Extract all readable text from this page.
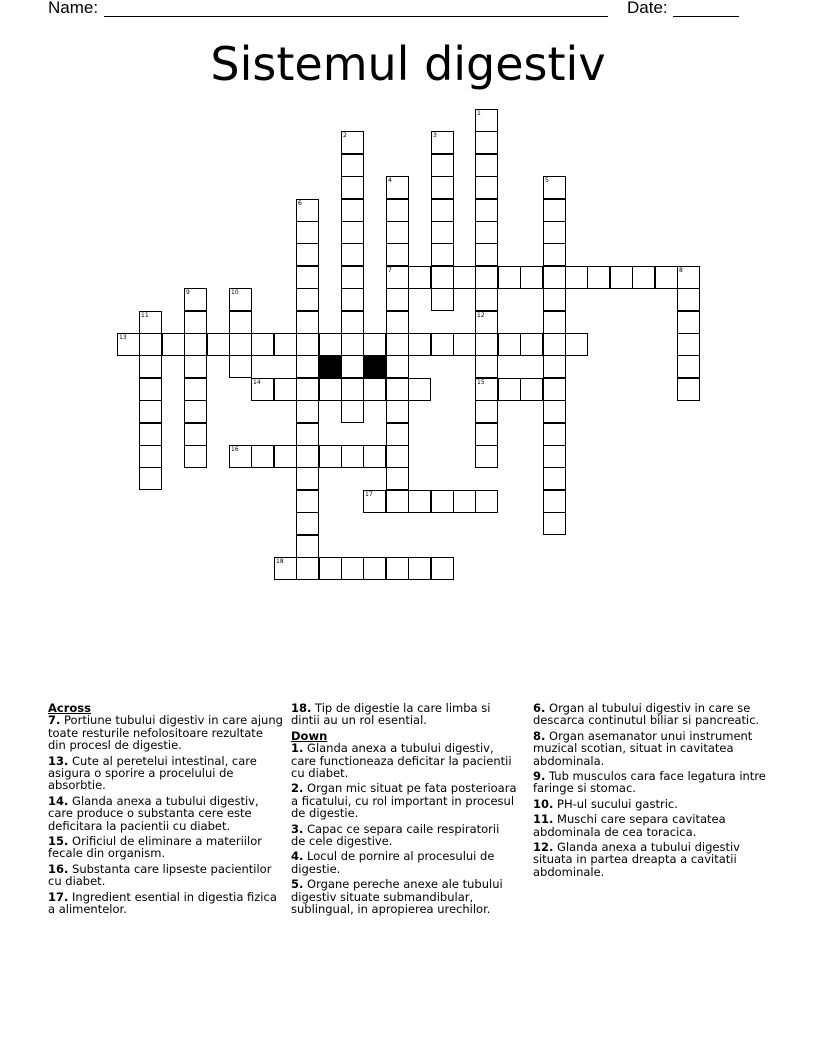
Name:	Date:
Sistemul digestiv
7	8
13
14	15
16
17
18
1
12
2	3
4	5
6
9	10
11
Across
7. Portiune tubului digestiv in care ajung toate resturile nefolositoare rezultate din procesl de digestie.
13. Cute al peretelui intestinal, care asigura o sporire a procelului de absorbtie.
14. Glanda anexa a tubului digestiv, care produce o substanta cere este deficitara la pacientii cu diabet.
15. Orificiul de eliminare a materiilor fecale din organism.
16. Substanta care lipseste pacientilor cu diabet.
17. Ingredient esential in digestia fizica a alimentelor.
18. Tip de digestie la care limba si dintii au un rol esential.
Down
1. Glanda anexa a tubului digestiv, care functioneaza deficitar la pacientii cu diabet.
2. Organ mic situat pe fata posterioara a ficatului, cu rol important in procesul de digestie.
3. Capac ce separa caile respiratorii de cele digestive.
4. Locul de pornire al procesului de digestie.
5. Organe pereche anexe ale tubului digestiv situate submandibular, sublingual, in apropierea urechilor.
6. Organ al tubului digestiv in care se descarca continutul biliar si pancreatic.
8. Organ asemanator unui instrument muzical scotian, situat in cavitatea abdominala.
9. Tub musculos cara face legatura intre faringe si stomac.
10. PH-ul sucului gastric.
11. Muschi care separa cavitatea abdominala de cea toracica.
12. Glanda anexa a tubului digestiv situata in partea dreapta a cavitatii abdominale.
